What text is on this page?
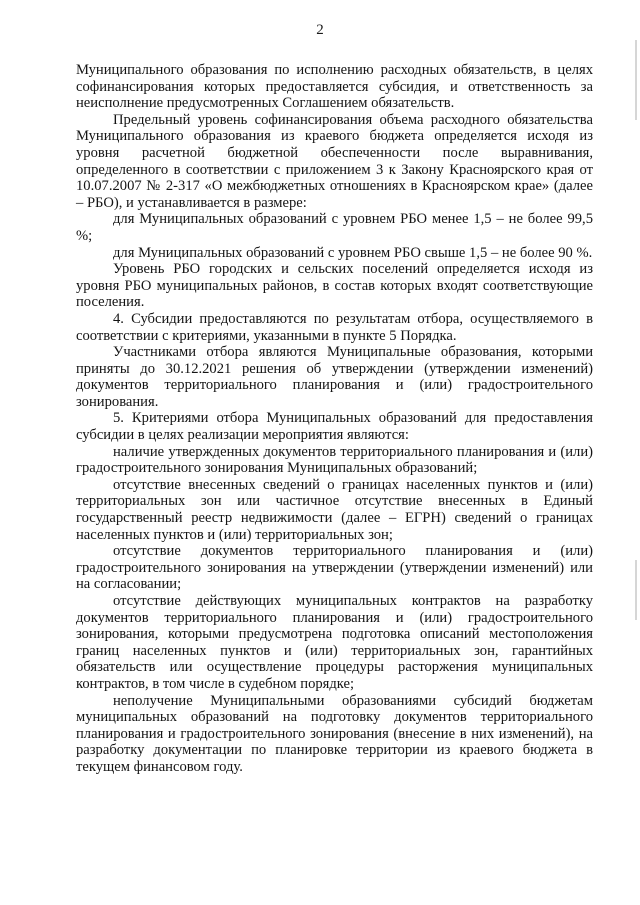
2

Муниципального образования по исполнению расходных обязательств, в целях софинансирования которых предоставляется субсидия, и ответственность за неисполнение предусмотренных Соглашением обязательств.

Предельный уровень софинансирования объема расходного обязательства Муниципального образования из краевого бюджета определяется исходя из уровня расчетной бюджетной обеспеченности после выравнивания, определенного в соответствии с приложением 3 к Закону Красноярского края от 10.07.2007 № 2-317 «О межбюджетных отношениях в Красноярском крае» (далее – РБО), и устанавливается в размере:

для Муниципальных образований с уровнем РБО менее 1,5 – не более 99,5 %;

для Муниципальных образований с уровнем РБО свыше 1,5 – не более 90 %.

Уровень РБО городских и сельских поселений определяется исходя из уровня РБО муниципальных районов, в состав которых входят соответствующие поселения.

4. Субсидии предоставляются по результатам отбора, осуществляемого в соответствии с критериями, указанными в пункте 5 Порядка.

Участниками отбора являются Муниципальные образования, которыми приняты до 30.12.2021 решения об утверждении (утверждении изменений) документов территориального планирования и (или) градостроительного зонирования.

5. Критериями отбора Муниципальных образований для предоставления субсидии в целях реализации мероприятия являются:

наличие утвержденных документов территориального планирования и (или) градостроительного зонирования Муниципальных образований;

отсутствие внесенных сведений о границах населенных пунктов и (или) территориальных зон или частичное отсутствие внесенных в Единый государственный реестр недвижимости (далее – ЕГРН) сведений о границах населенных пунктов и (или) территориальных зон;

отсутствие документов территориального планирования и (или) градостроительного зонирования на утверждении (утверждении изменений) или на согласовании;

отсутствие действующих муниципальных контрактов на разработку документов территориального планирования и (или) градостроительного зонирования, которыми предусмотрена подготовка описаний местоположения границ населенных пунктов и (или) территориальных зон, гарантийных обязательств или осуществление процедуры расторжения муниципальных контрактов, в том числе в судебном порядке;

неполучение Муниципальными образованиями субсидий бюджетам муниципальных образований на подготовку документов территориального планирования и градостроительного зонирования (внесение в них изменений), на разработку документации по планировке территории из краевого бюджета в текущем финансовом году.
